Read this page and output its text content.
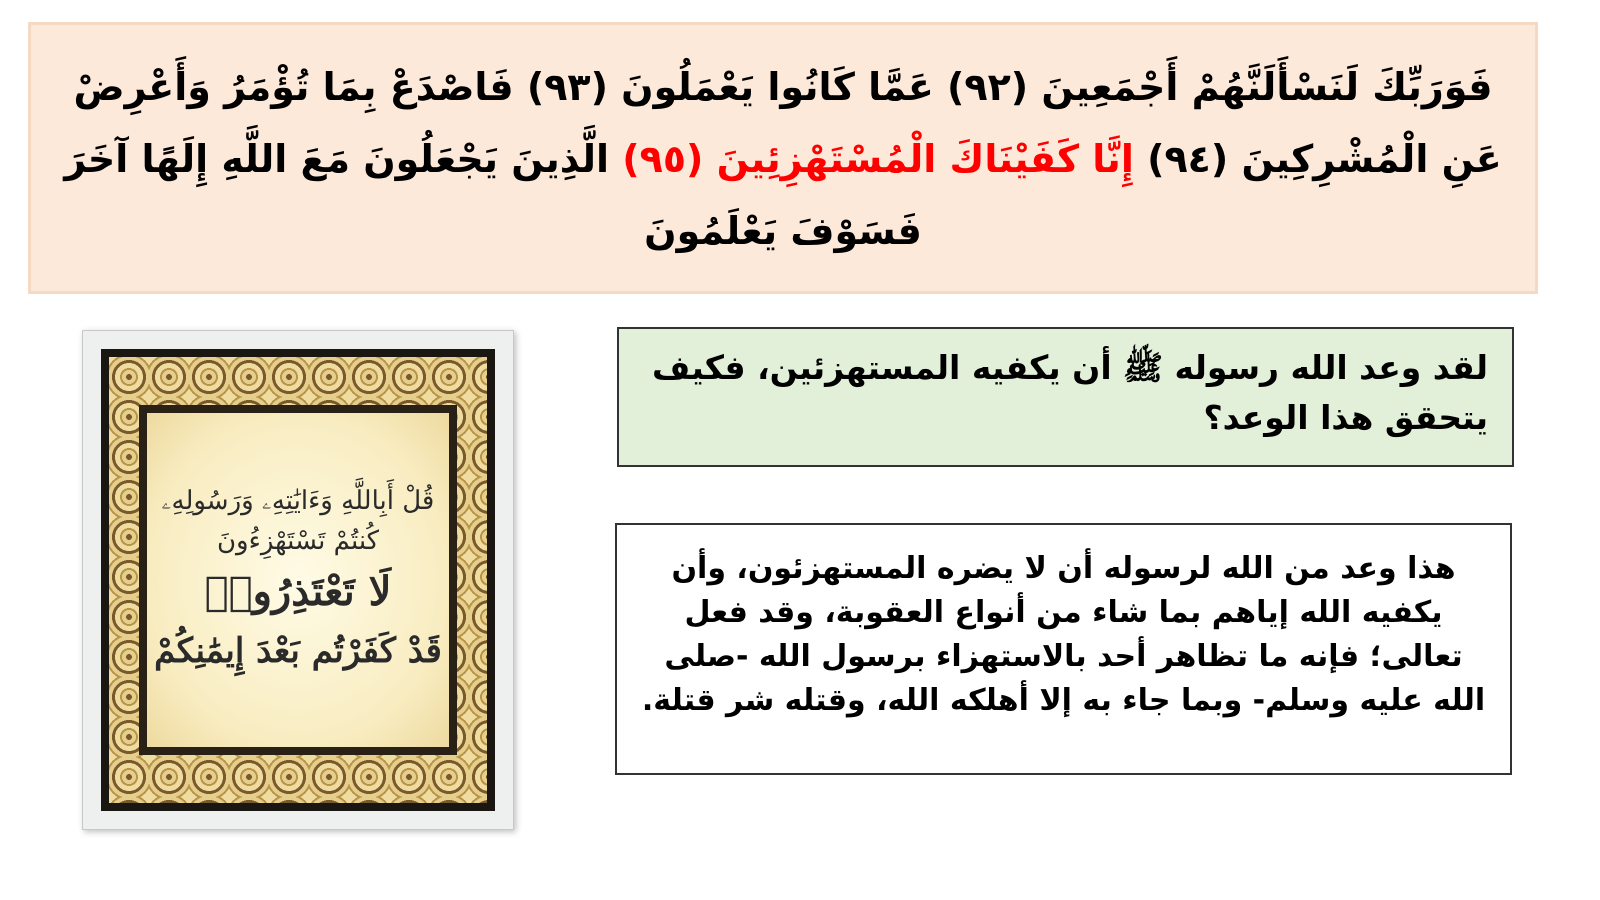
فَوَرَبِّكَ لَنَسْأَلَنَّهُمْ أَجْمَعِينَ (٩٢) عَمَّا كَانُوا يَعْمَلُونَ (٩٣) فَاصْدَعْ بِمَا تُؤْمَرُ وَأَعْرِضْ عَنِ الْمُشْرِكِينَ (٩٤) إِنَّا كَفَيْنَاكَ الْمُسْتَهْزِئِينَ (٩٥) الَّذِينَ يَجْعَلُونَ مَعَ اللَّهِ إِلَهًا آخَرَ فَسَوْفَ يَعْلَمُونَ
قُلْ أَبِاللَّهِ وَءَايَٰتِهِۦ وَرَسُولِهِۦ
كُنتُمْ تَسْتَهْزِءُونَ
لَا تَعْتَذِرُوا۟
قَدْ كَفَرْتُم بَعْدَ إِيمَٰنِكُمْ
لقد وعد الله رسوله ﷺ أن يكفيه المستهزئين، فكيف يتحقق هذا الوعد؟
هذا وعد من الله لرسوله أن لا يضره المستهزئون، وأن يكفيه الله إياهم بما شاء من أنواع العقوبة، وقد فعل تعالى؛ فإنه ما تظاهر أحد بالاستهزاء برسول الله -صلى الله عليه وسلم- وبما جاء به إلا أهلكه الله، وقتله شر قتلة.
